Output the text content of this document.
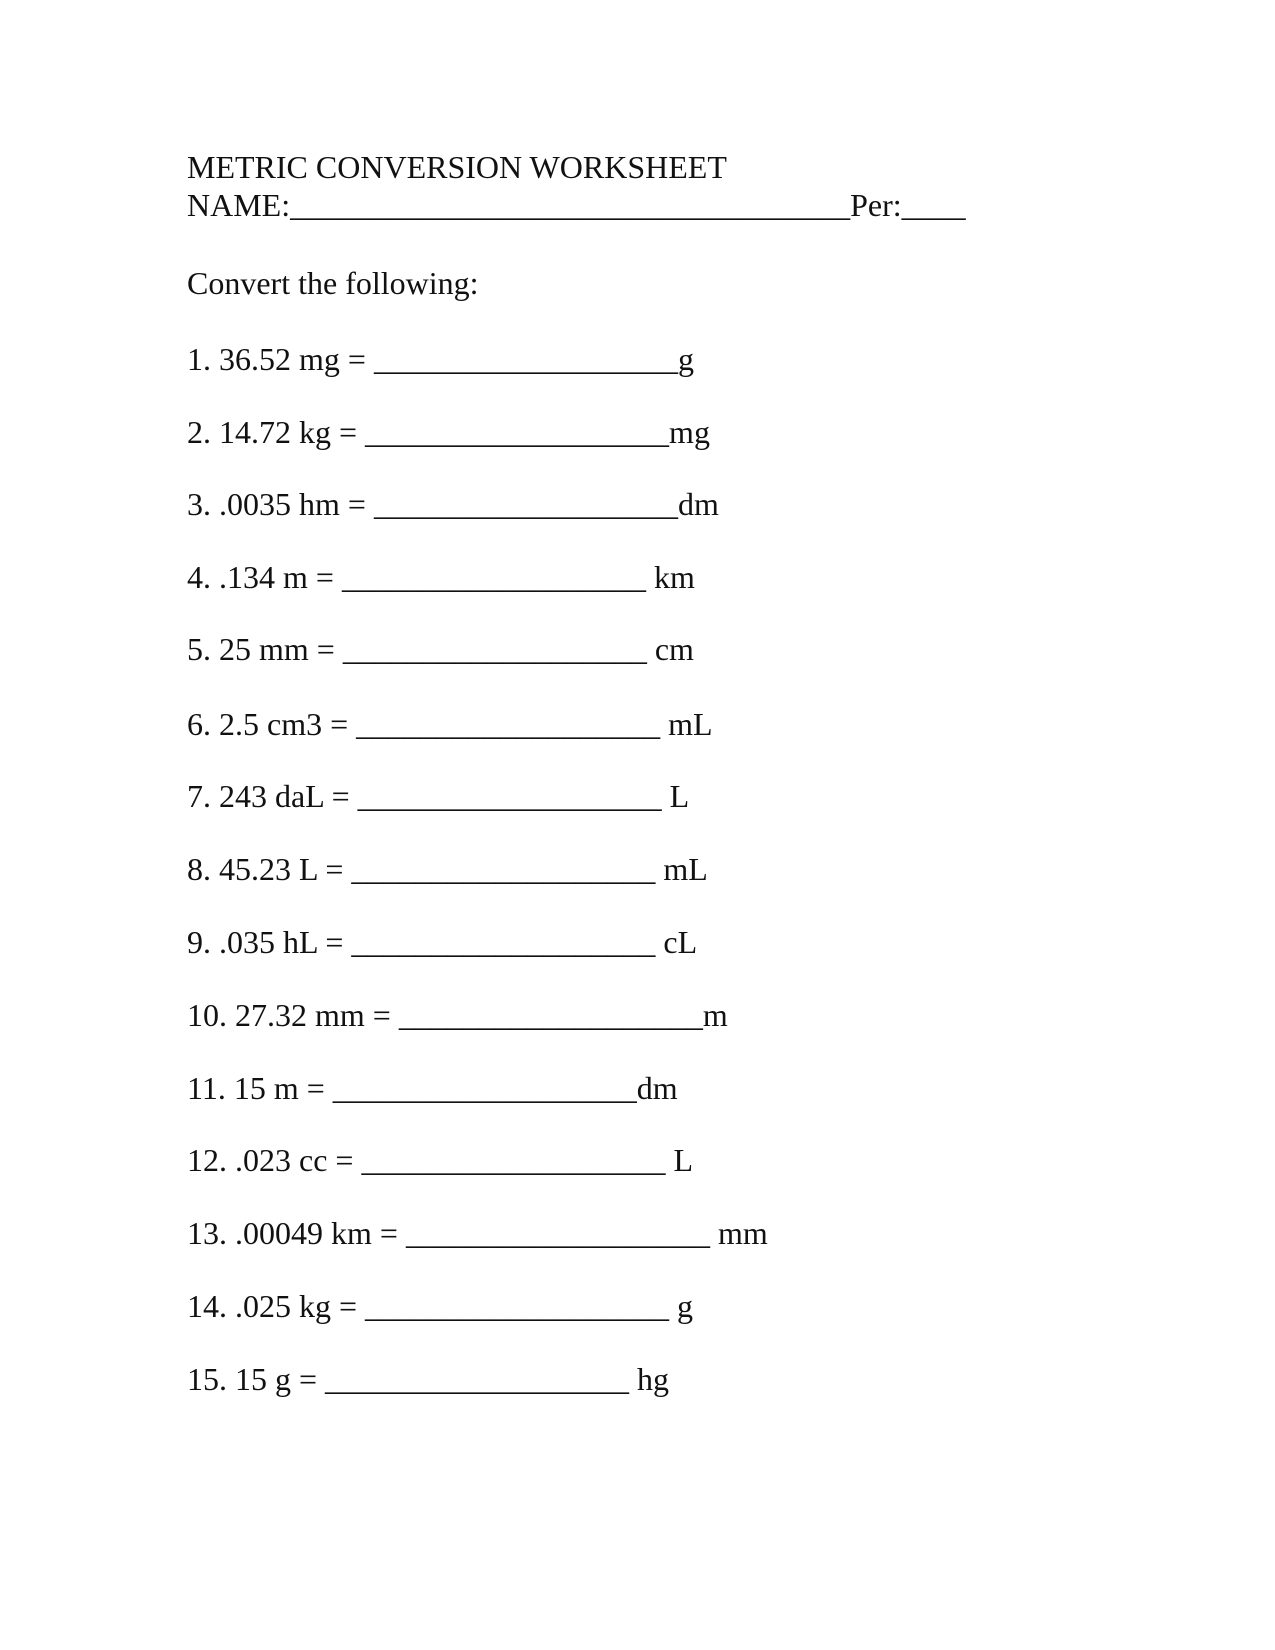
METRIC CONVERSION WORKSHEET

NAME:___________________________________Per:____

Convert the following:

1. 36.52 mg = ___________________g

2. 14.72 kg = ___________________mg

3. .0035 hm = ___________________dm

4. .134 m = ___________________ km

5. 25 mm = ___________________ cm

6. 2.5 cm3 = ___________________ mL

7. 243 daL = ___________________ L

8. 45.23 L = ___________________ mL

9. .035 hL = ___________________ cL

10. 27.32 mm = ___________________m

11. 15 m = ___________________dm

12. .023 cc = ___________________ L

13. .00049 km = ___________________ mm

14. .025 kg = ___________________ g

15. 15 g = ___________________ hg
